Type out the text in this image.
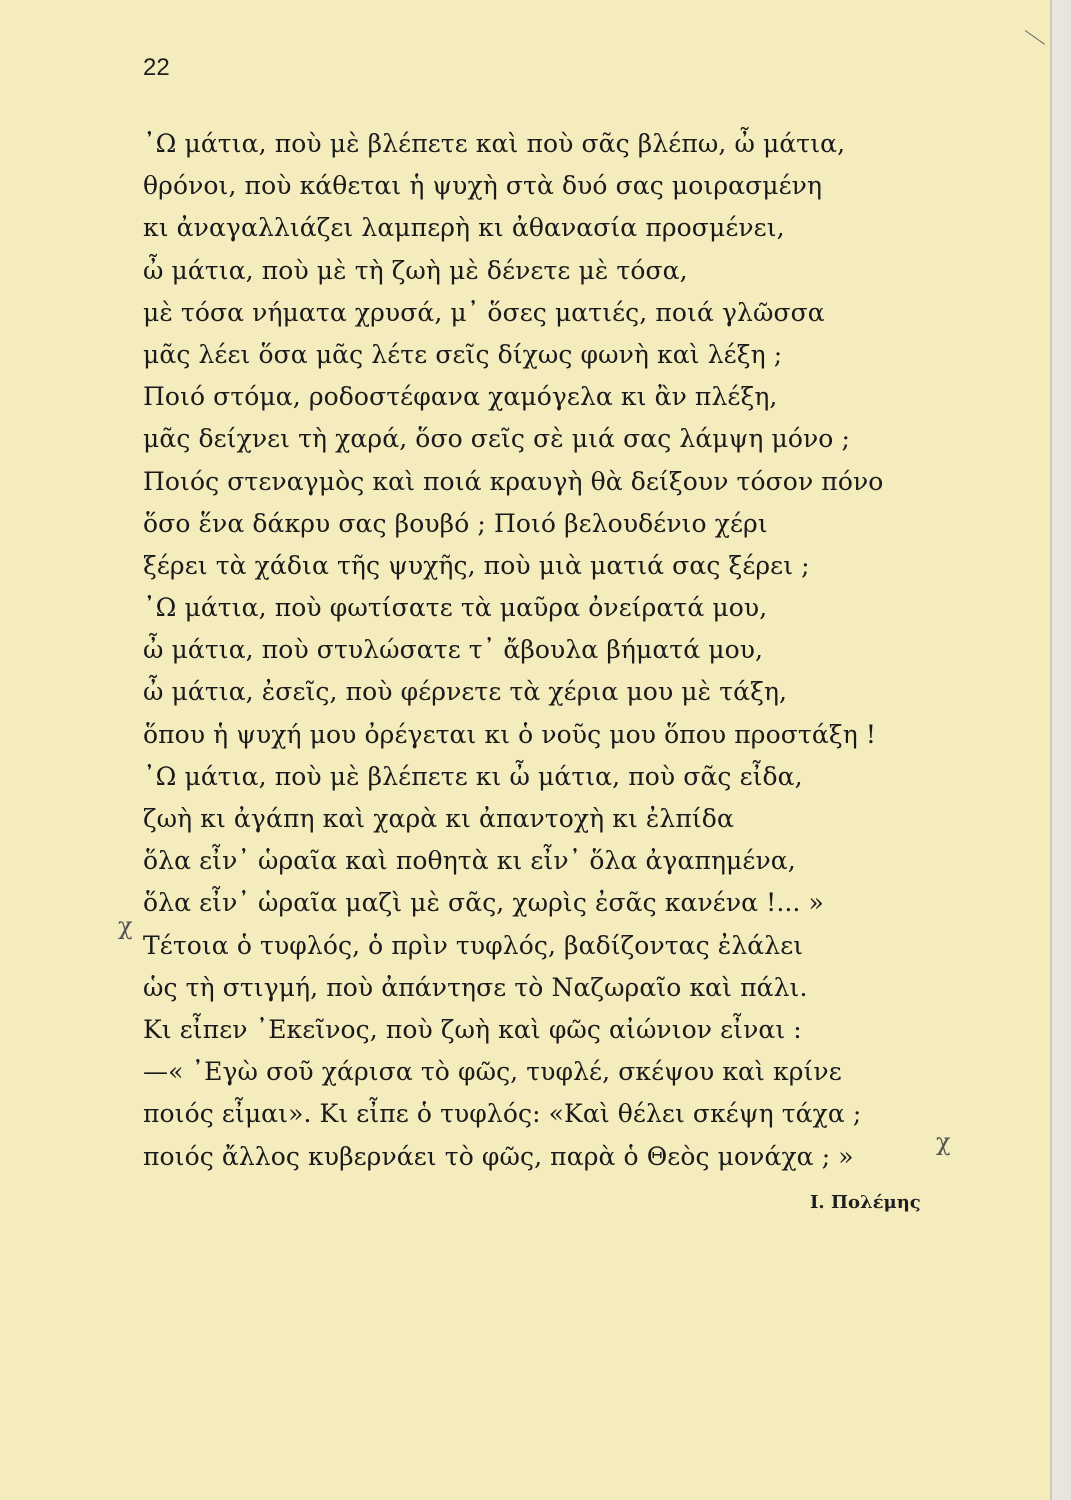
22
᾿Ω μάτια, ποὺ μὲ βλέπετε καὶ ποὺ σᾶς βλέπω, ὦ μάτια,
θρόνοι, ποὺ κάθεται ἡ ψυχὴ στὰ δυό σας μοιρασμένη
κι ἀναγαλλιάζει λαμπερὴ κι ἀθανασία προσμένει,
ὦ μάτια, ποὺ μὲ τὴ ζωὴ μὲ δένετε μὲ τόσα,
μὲ τόσα νήματα χρυσά, μ᾿ ὅσες ματιές, ποιά γλῶσσα
μᾶς λέει ὅσα μᾶς λέτε σεῖς δίχως φωνὴ καὶ λέξη ;
Ποιό στόμα, ροδοστέφανα χαμόγελα κι ἂν πλέξη,
μᾶς δείχνει τὴ χαρά, ὅσο σεῖς σὲ μιά σας λάμψη μόνο ;
Ποιός στεναγμὸς καὶ ποιά κραυγὴ θὰ δείξουν τόσον πόνο
ὅσο ἕνα δάκρυ σας βουβό ; Ποιό βελουδένιο χέρι
ξέρει τὰ χάδια τῆς ψυχῆς, ποὺ μιὰ ματιά σας ξέρει ;
᾿Ω μάτια, ποὺ φωτίσατε τὰ μαῦρα ὀνείρατά μου,
ὦ μάτια, ποὺ στυλώσατε τ᾿ ἄβουλα βήματά μου,
ὦ μάτια, ἐσεῖς, ποὺ φέρνετε τὰ χέρια μου μὲ τάξη,
ὅπου ἡ ψυχή μου ὀρέγεται κι ὁ νοῦς μου ὅπου προστάξη !
᾿Ω μάτια, ποὺ μὲ βλέπετε κι ὦ μάτια, ποὺ σᾶς εἶδα,
ζωὴ κι ἀγάπη καὶ χαρὰ κι ἀπαντοχὴ κι ἐλπίδα
ὅλα εἶν᾿ ὡραῖα καὶ ποθητὰ κι εἶν᾿ ὅλα ἀγαπημένα,
ὅλα εἶν᾿ ὡραῖα μαζὶ μὲ σᾶς, χωρὶς ἐσᾶς κανένα !... »
Τέτοια ὁ τυφλός, ὁ πρὶν τυφλός, βαδίζοντας ἐλάλει
ὡς τὴ στιγμή, ποὺ ἀπάντησε τὸ Ναζωραῖο καὶ πάλι.
Κι εἶπεν ᾿Εκεῖνος, ποὺ ζωὴ καὶ φῶς αἰώνιον εἶναι :
—« ᾿Εγὼ σοῦ χάρισα τὸ φῶς, τυφλέ, σκέψου καὶ κρίνε
ποιός εἶμαι». Κι εἶπε ὁ τυφλός: «Καὶ θέλει σκέψη τάχα ;
ποιός ἄλλος κυβερνάει τὸ φῶς, παρὰ ὁ Θεὸς μονάχα ; »
χ
χ
Ι. Πολέμης
